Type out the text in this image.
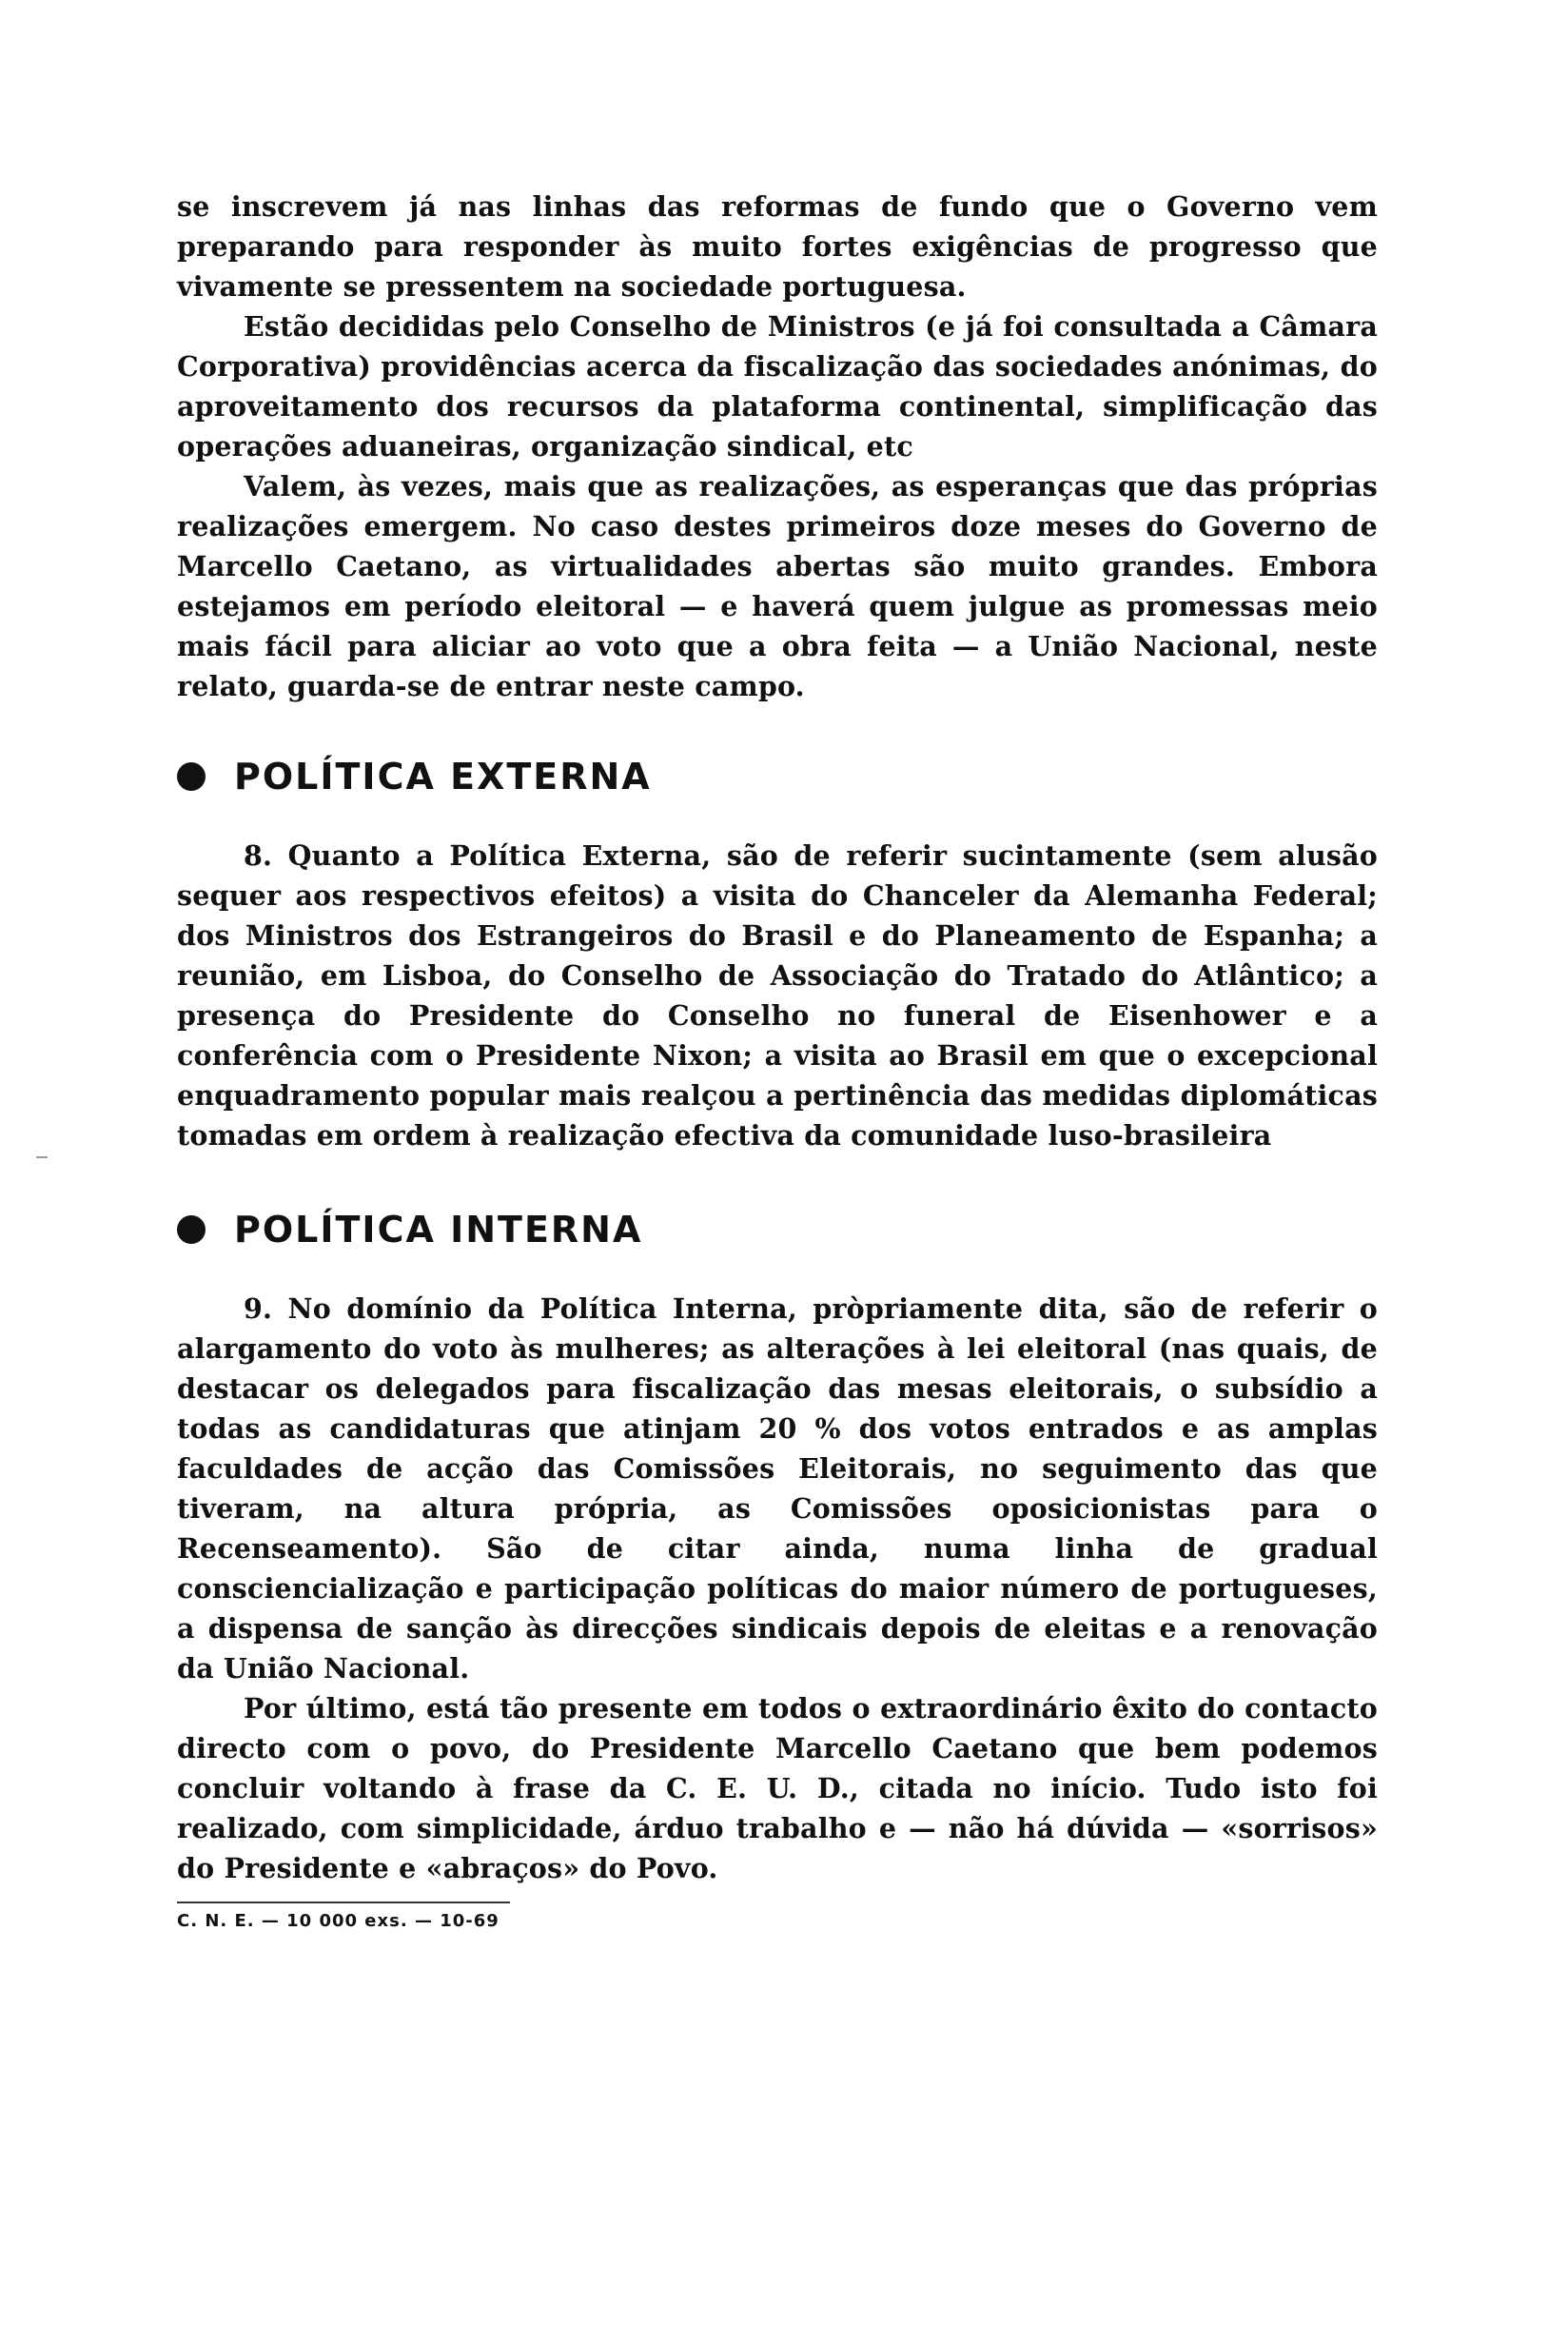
se inscrevem já nas linhas das reformas de fundo que o Governo vem preparando para responder às muito fortes exigências de progresso que vivamente se pressentem na sociedade portuguesa.

Estão decididas pelo Conselho de Ministros (e já foi consultada a Câmara Corporativa) providências acerca da fiscalização das sociedades anónimas, do aproveitamento dos recursos da plataforma continental, simplificação das operações aduaneiras, organização sindical, etc

Valem, às vezes, mais que as realizações, as esperanças que das próprias realizações emergem. No caso destes primeiros doze meses do Governo de Marcello Caetano, as virtualidades abertas são muito grandes. Embora estejamos em período eleitoral — e haverá quem julgue as promessas meio mais fácil para aliciar ao voto que a obra feita — a União Nacional, neste relato, guarda-se de entrar neste campo.

POLÍTICA EXTERNA

8. Quanto a Política Externa, são de referir sucintamente (sem alusão sequer aos respectivos efeitos) a visita do Chanceler da Alemanha Federal; dos Ministros dos Estrangeiros do Brasil e do Planeamento de Espanha; a reunião, em Lisboa, do Conselho de Associação do Tratado do Atlântico; a presença do Presidente do Conselho no funeral de Eisenhower e a conferência com o Presidente Nixon; a visita ao Brasil em que o excepcional enquadramento popular mais realçou a pertinência das medidas diplomáticas tomadas em ordem à realização efectiva da comunidade luso-brasileira

POLÍTICA INTERNA

9. No domínio da Política Interna, pròpriamente dita, são de referir o alargamento do voto às mulheres; as alterações à lei eleitoral (nas quais, de destacar os delegados para fiscalização das mesas eleitorais, o subsídio a todas as candidaturas que atinjam 20 % dos votos entrados e as amplas faculdades de acção das Comissões Eleitorais, no seguimento das que tiveram, na altura própria, as Comissões oposicionistas para o Recenseamento). São de citar ainda, numa linha de gradual consciencialização e participação políticas do maior número de portugueses, a dispensa de sanção às direcções sindicais depois de eleitas e a renovação da União Nacional.

Por último, está tão presente em todos o extraordinário êxito do contacto directo com o povo, do Presidente Marcello Caetano que bem podemos concluir voltando à frase da C. E. U. D., citada no início. Tudo isto foi realizado, com simplicidade, árduo trabalho e — não há dúvida — «sorrisos» do Presidente e «abraços» do Povo.

C. N. E. — 10 000 exs. — 10-69
